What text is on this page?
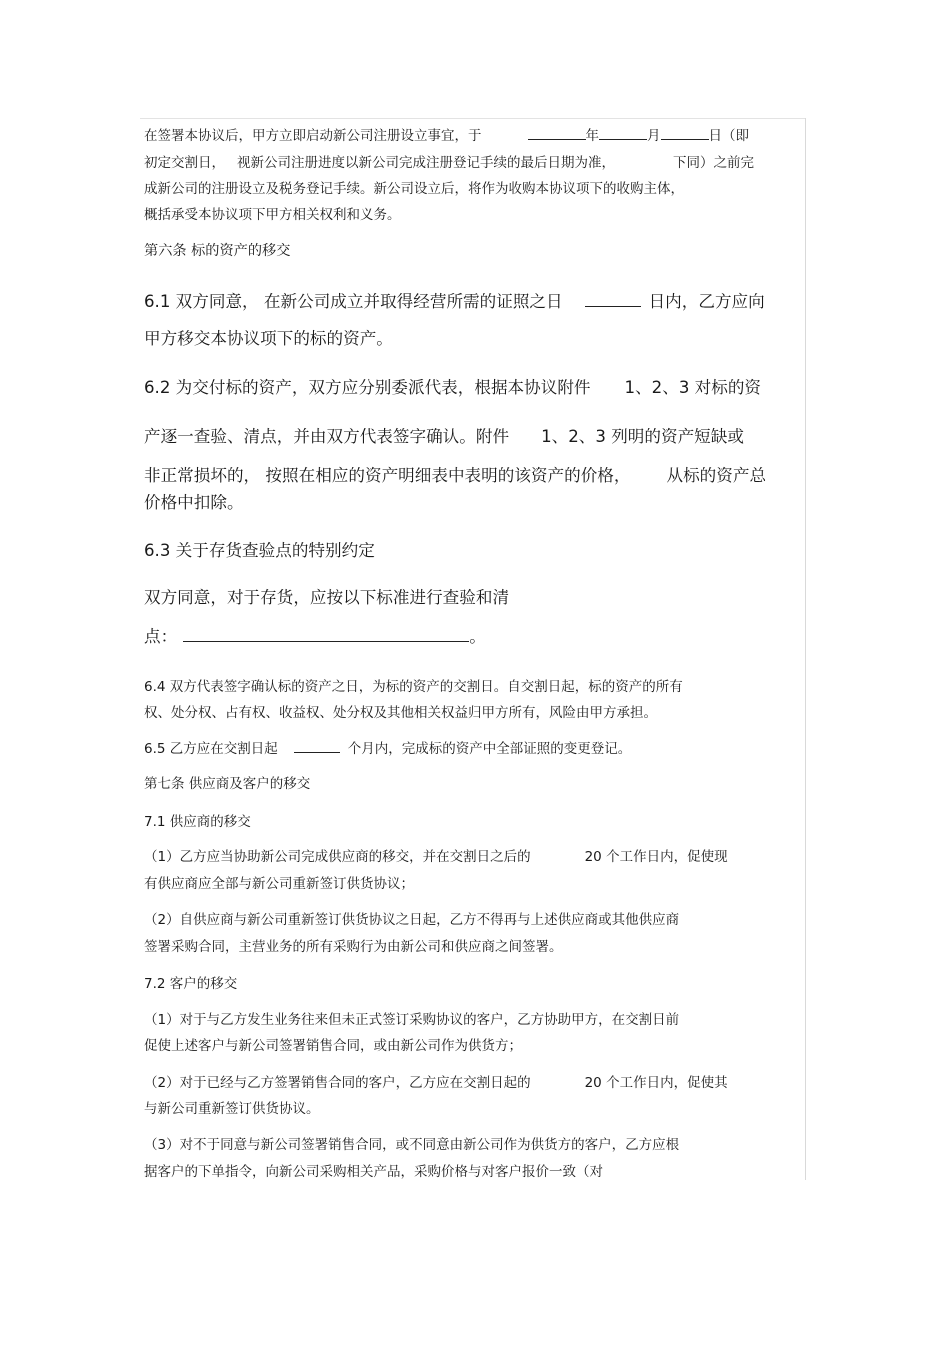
在签署本协议后，甲方立即启动新公司注册设立事宜，于	年	月	日（即

初定交割日， 视新公司注册进度以新公司完成注册登记手续的最后日期为准，	下同）之前完

成新公司的注册设立及税务登记手续。新公司设立后，将作为收购本协议项下的收购主体，

概括承受本协议项下甲方相关权利和义务。

第六条 标的资产的移交

6.1 双方同意， 在新公司成立并取得经营所需的证照之日	日内，乙方应向

甲方移交本协议项下的标的资产。

6.2 为交付标的资产，双方应分别委派代表，根据本协议附件 1、2、3 对标的资

产逐一查验、清点，并由双方代表签字确认。附件 1、2、3 列明的资产短缺或

非正常损坏的， 按照在相应的资产明细表中表明的该资产的价格， 从标的资产总

价格中扣除。

6.3 关于存货查验点的特别约定

双方同意，对于存货，应按以下标准进行查验和清

点：	。

6.4 双方代表签字确认标的资产之日，为标的资产的交割日。自交割日起，标的资产的所有

权、处分权、占有权、收益权、处分权及其他相关权益归甲方所有，风险由甲方承担。

6.5 乙方应在交割日起	个月内，完成标的资产中全部证照的变更登记。

第七条 供应商及客户的移交

7.1 供应商的移交

（1）乙方应当协助新公司完成供应商的移交，并在交割日之后的	20 个工作日内，促使现

有供应商应全部与新公司重新签订供货协议；

（2）自供应商与新公司重新签订供货协议之日起，乙方不得再与上述供应商或其他供应商

签署采购合同，主营业务的所有采购行为由新公司和供应商之间签署。

7.2 客户的移交

（1）对于与乙方发生业务往来但未正式签订采购协议的客户，乙方协助甲方，在交割日前

促使上述客户与新公司签署销售合同，或由新公司作为供货方；

（2）对于已经与乙方签署销售合同的客户，乙方应在交割日起的	20 个工作日内，促使其

与新公司重新签订供货协议。

（3）对不于同意与新公司签署销售合同，或不同意由新公司作为供货方的客户，乙方应根

据客户的下单指令，向新公司采购相关产品，采购价格与对客户报价一致（对
